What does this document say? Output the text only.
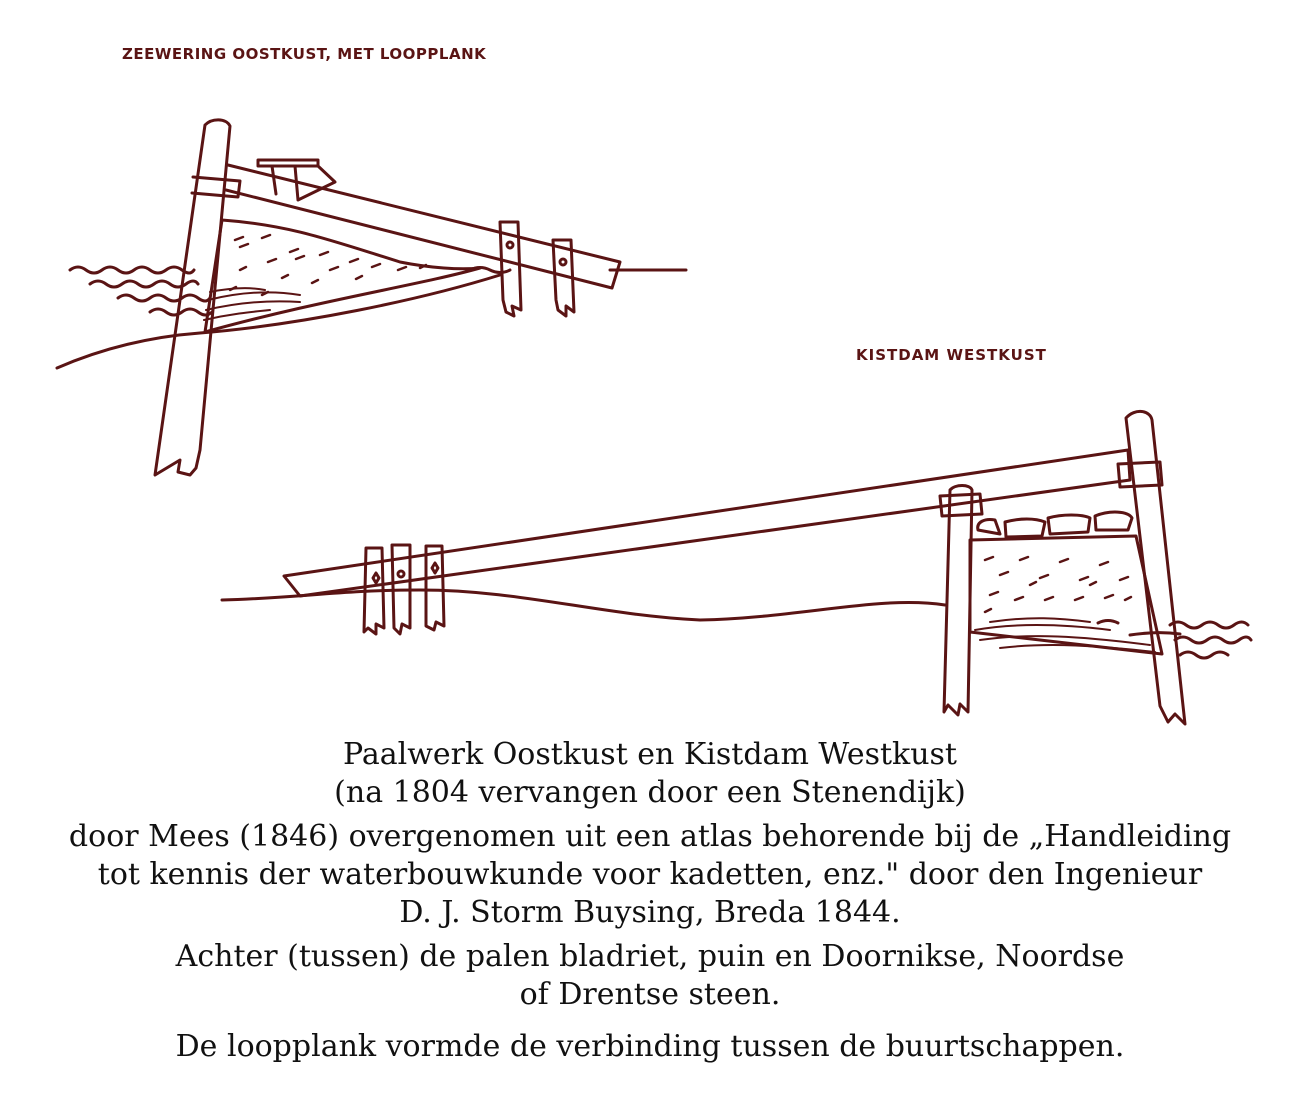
ZEEWERING OOSTKUST, MET LOOPPLANK

KISTDAM WESTKUST

Paalwerk Oostkust en Kistdam Westkust

(na 1804 vervangen door een Stenendijk)

door Mees (1846) overgenomen uit een atlas behorende bij de „Handleiding

tot kennis der waterbouwkunde voor kadetten, enz." door den Ingenieur

D. J. Storm Buysing, Breda 1844.

Achter (tussen) de palen bladriet, puin en Doornikse, Noordse

of Drentse steen.

De loopplank vormde de verbinding tussen de buurtschappen.
